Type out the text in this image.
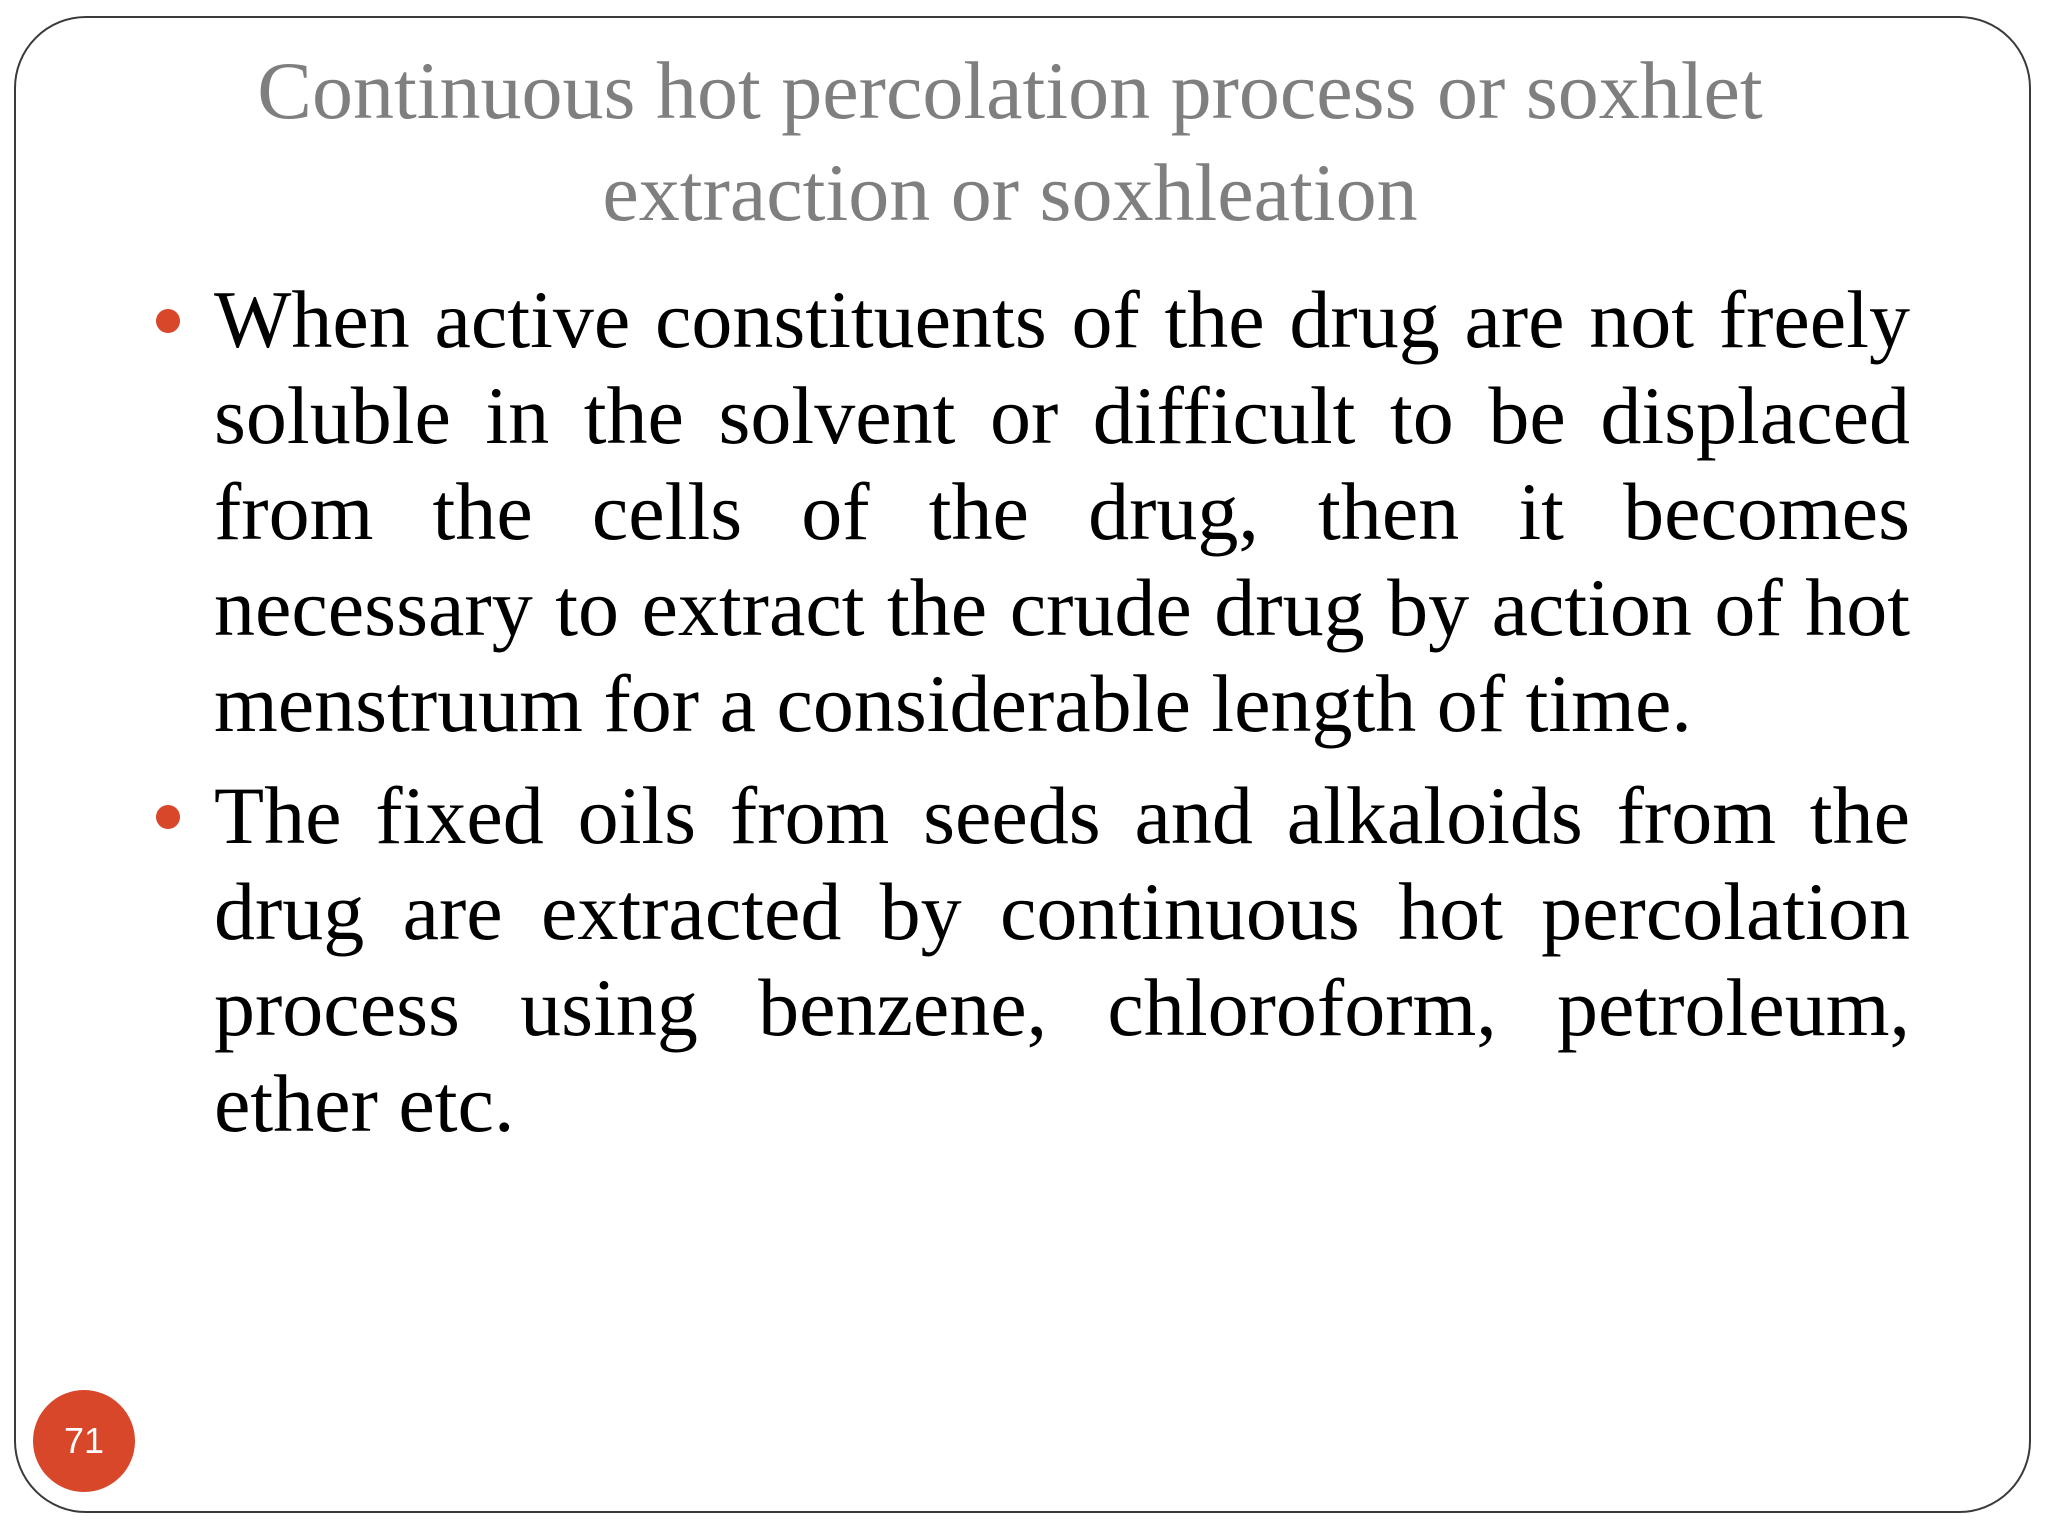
Continuous hot percolation process or soxhlet
extraction or soxhleation
When active constituents of the drug are not freely soluble in the solvent or difficult to be displaced from the cells of the drug, then it becomes necessary to extract the crude drug by action of hot menstruum for a considerable length of time.
The fixed oils from seeds and alkaloids from the drug are extracted by continuous hot percolation process using benzene, chloroform, petroleum, ether etc.
71
